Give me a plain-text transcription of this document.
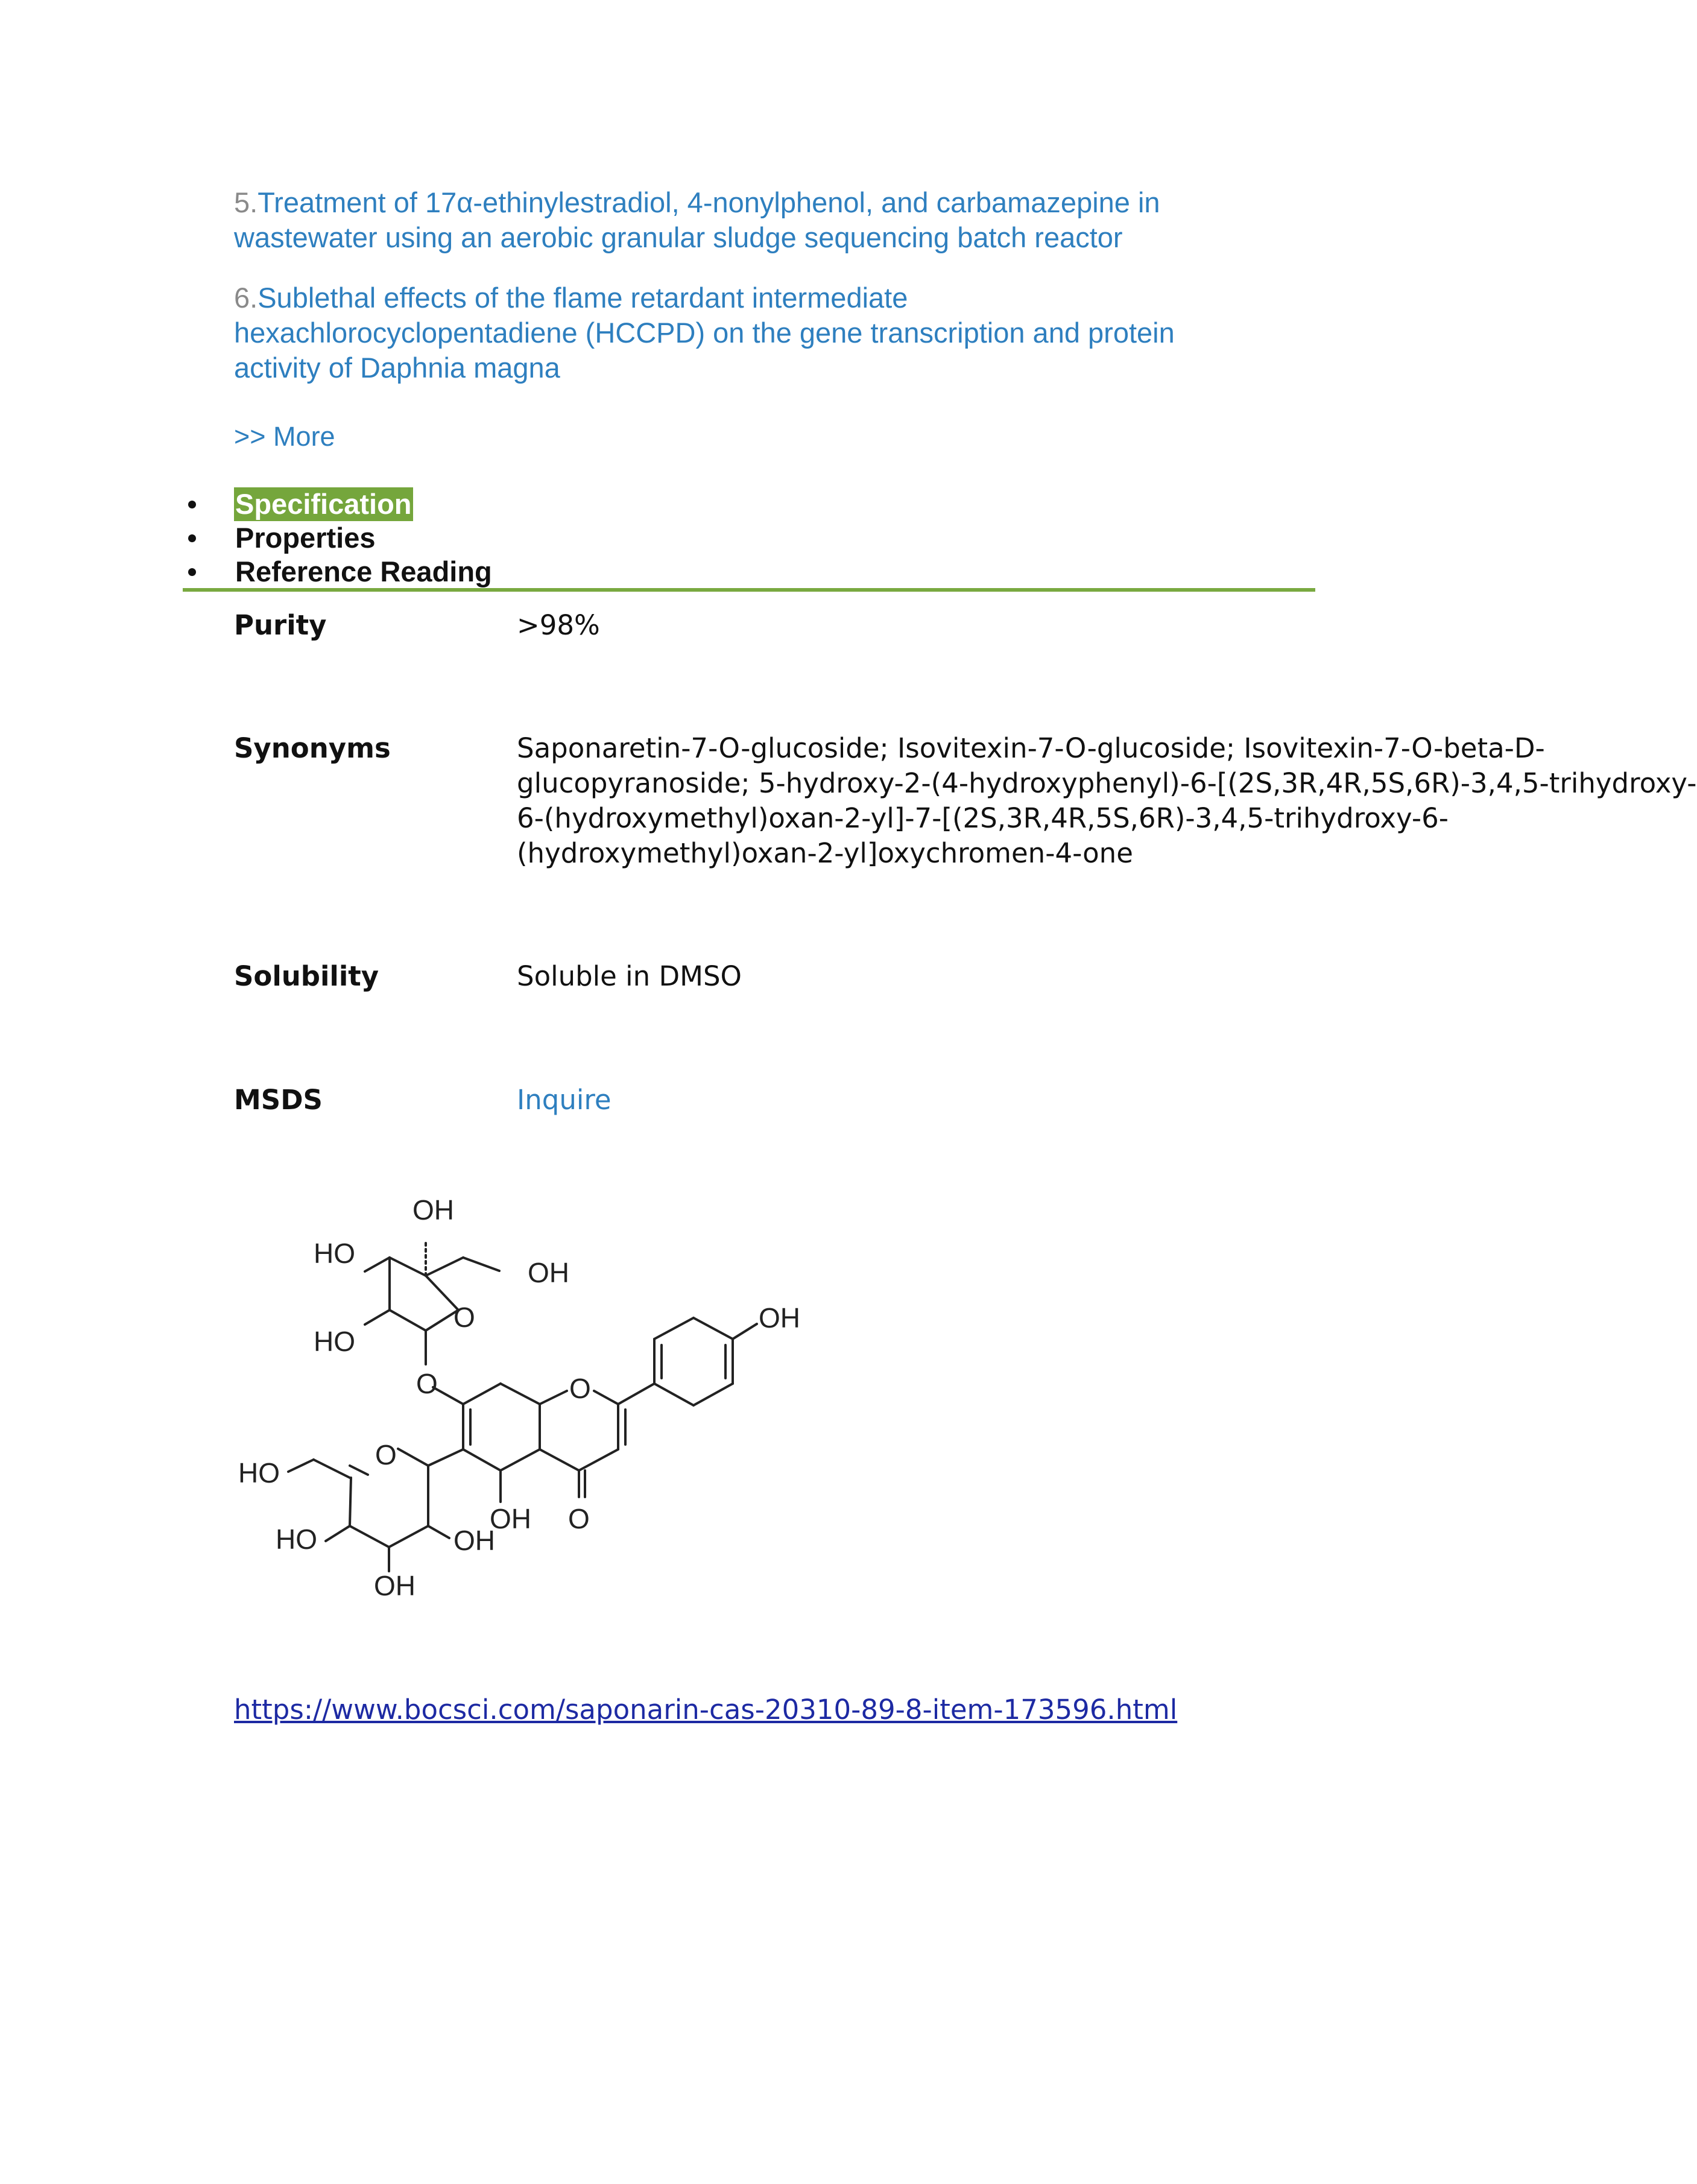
5.Treatment of 17α-ethinylestradiol, 4-nonylphenol, and carbamazepine in
wastewater using an aerobic granular sludge sequencing batch reactor

6.Sublethal effects of the flame retardant intermediate
hexachlorocyclopentadiene (HCCPD) on the gene transcription and protein
activity of Daphnia magna

>> More
Specification
Properties
Reference Reading
Purity	>98%
Synonyms	Saponaretin-7-O-glucoside; Isovitexin-7-O-glucoside; Isovitexin-7-O-beta-D-
glucopyranoside; 5-hydroxy-2-(4-hydroxyphenyl)-6-[(2S,3R,4R,5S,6R)-3,4,5-trihydroxy-
6-(hydroxymethyl)oxan-2-yl]-7-[(2S,3R,4R,5S,6R)-3,4,5-trihydroxy-6-
(hydroxymethyl)oxan-2-yl]oxychromen-4-one
Solubility	Soluble in DMSO
MSDS	Inquire
OH
HO
OH
O
HO
OH
O	O
HO
O
HO	OH
OH O
OH
https://www.bocsci.com/saponarin-cas-20310-89-8-item-173596.html
